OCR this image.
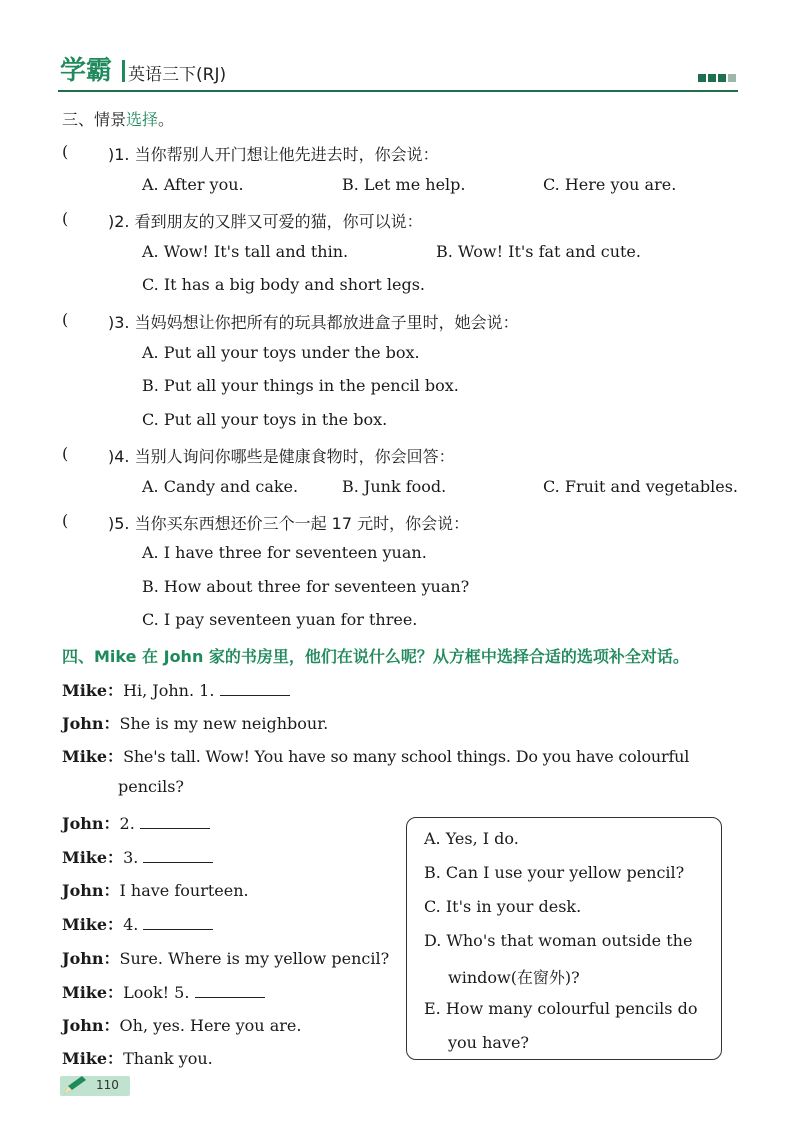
学霸 英语三下(RJ)
三、情景选择。
( )1. 当你帮别人开门想让他先进去时，你会说：
A. After you.	B. Let me help.	C. Here you are.
( )2. 看到朋友的又胖又可爱的猫，你可以说：
A. Wow! It's tall and thin.	B. Wow! It's fat and cute.
C. It has a big body and short legs.
( )3. 当妈妈想让你把所有的玩具都放进盒子里时，她会说：
A. Put all your toys under the box.
B. Put all your things in the pencil box.
C. Put all your toys in the box.
( )4. 当别人询问你哪些是健康食物时，你会回答：
A. Candy and cake.	B. Junk food.	C. Fruit and vegetables.
( )5. 当你买东西想还价三个一起 17 元时，你会说：
A. I have three for seventeen yuan.
B. How about three for seventeen yuan?
C. I pay seventeen yuan for three.
四、Mike 在 John 家的书房里，他们在说什么呢？从方框中选择合适的选项补全对话。
Mike：Hi, John. 1.
John：She is my new neighbour.
Mike：She's tall. Wow! You have so many school things. Do you have colourful
pencils?
John：2.
Mike：3.
John：I have fourteen.
Mike：4.
John：Sure. Where is my yellow pencil?
Mike：Look! 5.
John：Oh, yes. Here you are.
Mike：Thank you.
A. Yes, I do.
B. Can I use your yellow pencil?
C. It's in your desk.
D. Who's that woman outside the
window(在窗外)?
E. How many colourful pencils do
you have?
110
